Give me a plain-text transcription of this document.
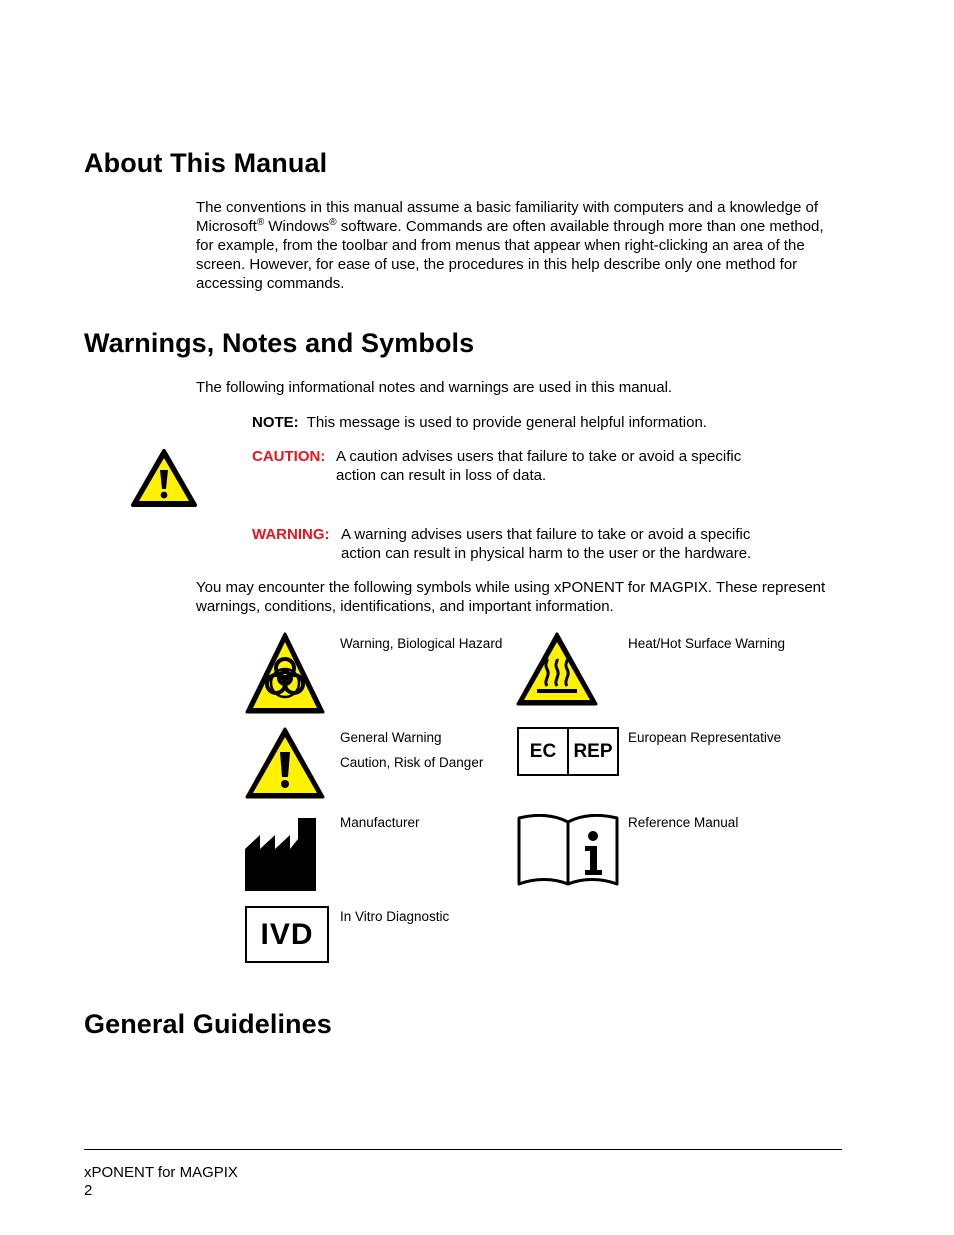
About This Manual
The conventions in this manual assume a basic familiarity with computers and a knowledge of Microsoft® Windows® software. Commands are often available through more than one method, for example, from the toolbar and from menus that appear when right-clicking an area of the screen. However, for ease of use, the procedures in this help describe only one method for accessing commands.
Warnings, Notes and Symbols
The following informational notes and warnings are used in this manual.
NOTE: This message is used to provide general helpful information.
CAUTION: A caution advises users that failure to take or avoid a specific
action can result in loss of data.
WARNING: A warning advises users that failure to take or avoid a specific
action can result in physical harm to the user or the hardware.
You may encounter the following symbols while using xPONENT for MAGPIX. These represent warnings, conditions, identifications, and important information.
Warning, Biological Hazard	Heat/Hot Surface Warning
General Warning
Caution, Risk of Danger
EC REP
European Representative
Manufacturer	Reference Manual
IVD
In Vitro Diagnostic
General Guidelines
xPONENT for MAGPIX
2
